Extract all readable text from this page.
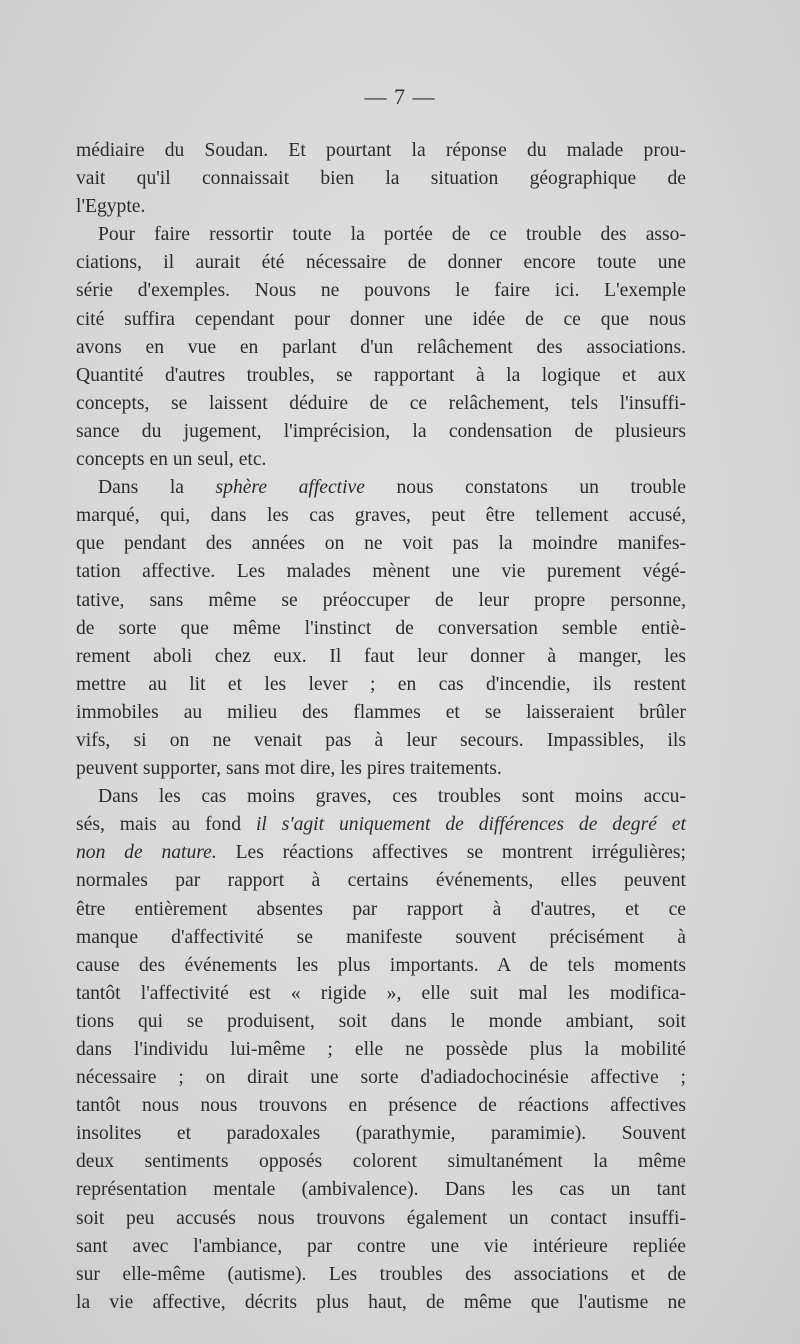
— 7 —
médiaire du Soudan. Et pourtant la réponse du malade prou-
vait qu'il connaissait bien la situation géographique de
l'Egypte.
Pour faire ressortir toute la portée de ce trouble des asso-
ciations, il aurait été nécessaire de donner encore toute une
série d'exemples. Nous ne pouvons le faire ici. L'exemple
cité suffira cependant pour donner une idée de ce que nous
avons en vue en parlant d'un relâchement des associations.
Quantité d'autres troubles, se rapportant à la logique et aux
concepts, se laissent déduire de ce relâchement, tels l'insuffi-
sance du jugement, l'imprécision, la condensation de plusieurs
concepts en un seul, etc.
Dans la sphère affective nous constatons un trouble
marqué, qui, dans les cas graves, peut être tellement accusé,
que pendant des années on ne voit pas la moindre manifes-
tation affective. Les malades mènent une vie purement végé-
tative, sans même se préoccuper de leur propre personne,
de sorte que même l'instinct de conversation semble entiè-
rement aboli chez eux. Il faut leur donner à manger, les
mettre au lit et les lever ; en cas d'incendie, ils restent
immobiles au milieu des flammes et se laisseraient brûler
vifs, si on ne venait pas à leur secours. Impassibles, ils
peuvent supporter, sans mot dire, les pires traitements.
Dans les cas moins graves, ces troubles sont moins accu-
sés, mais au fond il s'agit uniquement de différences de degré et
non de nature. Les réactions affectives se montrent irrégulières;
normales par rapport à certains événements, elles peuvent
être entièrement absentes par rapport à d'autres, et ce
manque d'affectivité se manifeste souvent précisément à
cause des événements les plus importants. A de tels moments
tantôt l'affectivité est « rigide », elle suit mal les modifica-
tions qui se produisent, soit dans le monde ambiant, soit
dans l'individu lui-même ; elle ne possède plus la mobilité
nécessaire ; on dirait une sorte d'adiadochocinésie affective ;
tantôt nous nous trouvons en présence de réactions affectives
insolites et paradoxales (parathymie, paramimie). Souvent
deux sentiments opposés colorent simultanément la même
représentation mentale (ambivalence). Dans les cas un tant
soit peu accusés nous trouvons également un contact insuffi-
sant avec l'ambiance, par contre une vie intérieure repliée
sur elle-même (autisme). Les troubles des associations et de
la vie affective, décrits plus haut, de même que l'autisme ne
